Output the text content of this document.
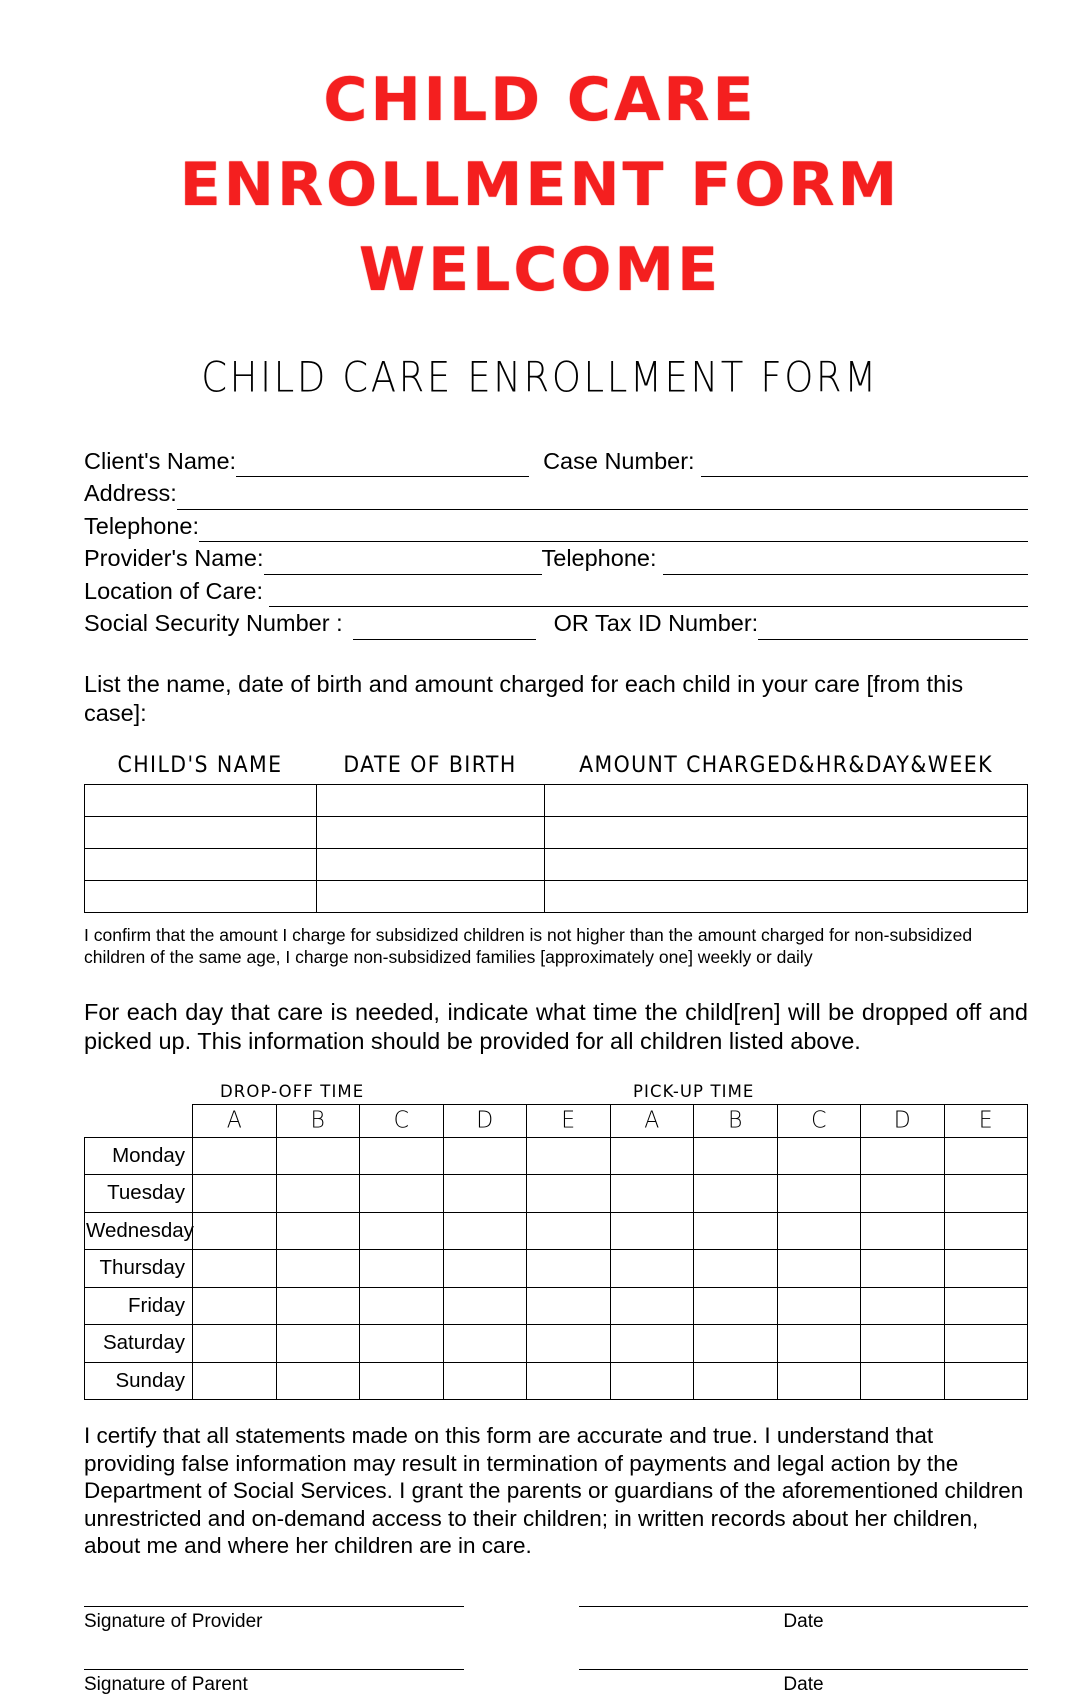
CHILD CARE ENROLLMENT FORM WELCOME
CHILD CARE ENROLLMENT FORM
Client's Name:	Case Number:
Address:
Telephone:
Provider's Name:	Telephone:
Location of Care:
Social Security Number :	OR Tax ID Number:
List the name, date of birth and amount charged for each child in your care [from this case]:
CHILD'S NAME	DATE OF BIRTH	AMOUNT CHARGED&HR&DAY&WEEK

I confirm that the amount I charge for subsidized children is not higher than the amount charged for non-subsidized children of the same age, I charge non-subsidized families [approximately one] weekly or daily
For each day that care is needed, indicate what time the child[ren] will be dropped off and picked up. This information should be provided for all children listed above.
DROP-OFF TIME	PICK-UP TIME
	A	B	C	D	E	A	B	C	D	E
Monday										
Tuesday										
Wednesday										
Thursday										
Friday										
Saturday										
Sunday										
I certify that all statements made on this form are accurate and true. I understand that providing false information may result in termination of payments and legal action by the Department of Social Services. I grant the parents or guardians of the aforementioned children unrestricted and on-demand access to their children; in written records about her children, about me and where her children are in care.
Signature of Provider	Date
Signature of Parent	Date
